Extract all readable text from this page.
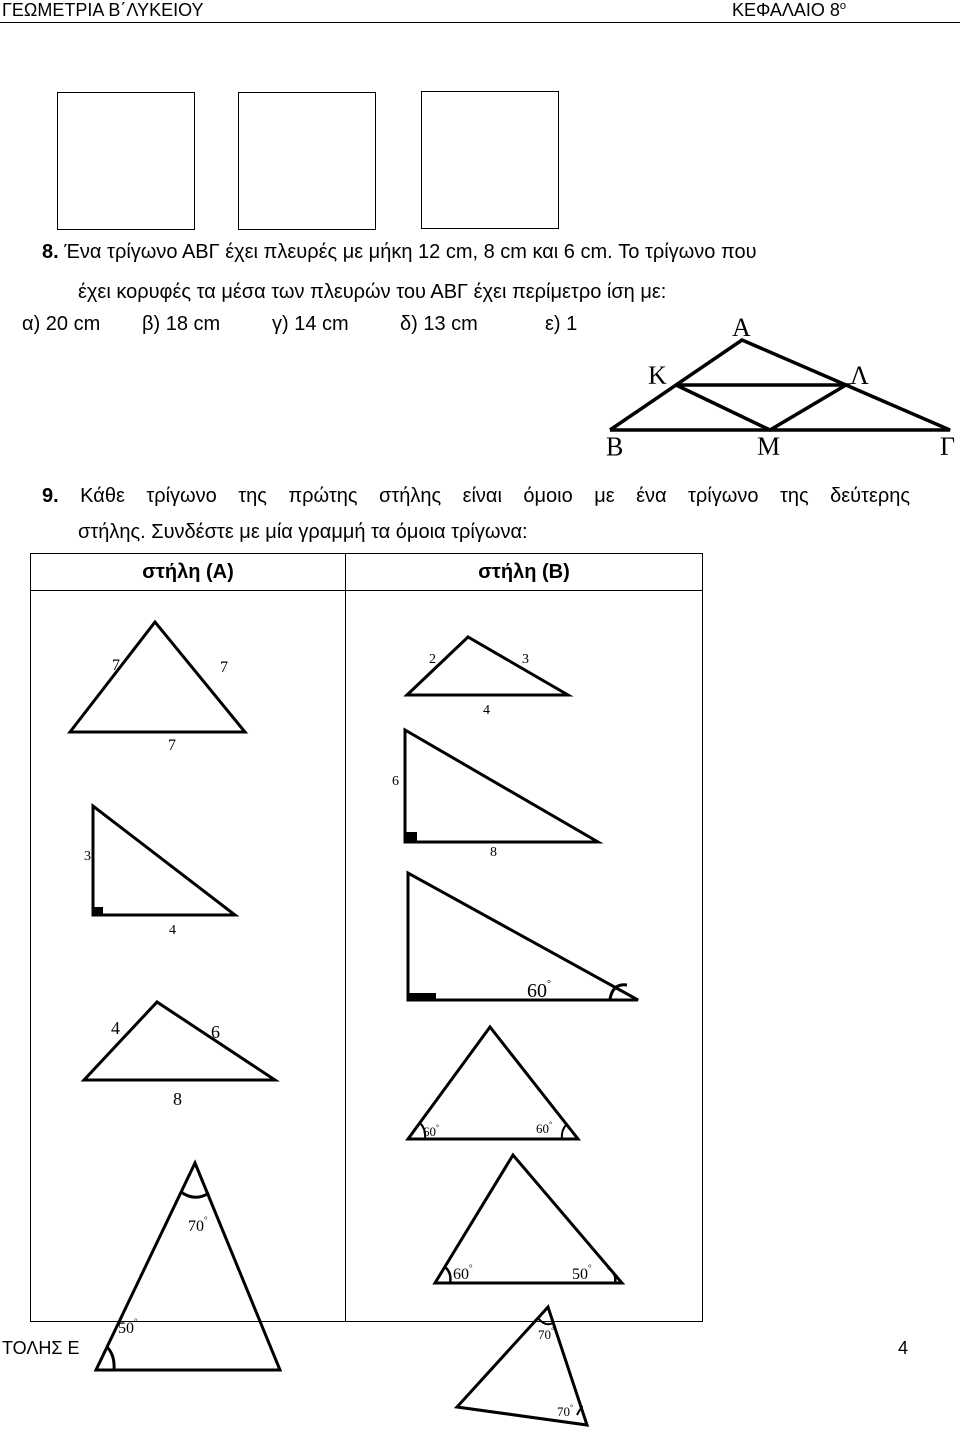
ΓΕΩΜΕΤΡΙΑ Β΄ΛΥΚΕΙΟΥ	ΚΕΦΑΛΑΙΟ $8^o$
8. Ένα τρίγωνο ΑΒΓ έχει πλευρές με μήκη 12 cm, 8 cm και 6 cm. Το τρίγωνο που
έχει κορυφές τα μέσα των πλευρών του ΑΒΓ έχει περίμετρο ίση με:
α) 20 cm β) 18 cm	γ) 14 cm	δ) 13 cm	ε) 1	Α
Κ	Λ
Β	Μ	Γ
9. Κάθε τρίγωνο της πρώτης στήλης είναι όμοιο με ένα τρίγωνο της δεύτερης
στήλης. Συνδέστε με μία γραμμή τα όμοια τρίγωνα:
στήλη (Α)	στήλη (Β)

7	7
7
3
4
4	6
8
70°
50°
2	3
4
6
8
60°
60°	60°
60°	50°
70°
70°
ΤΟΛΗΣ Ε	4
